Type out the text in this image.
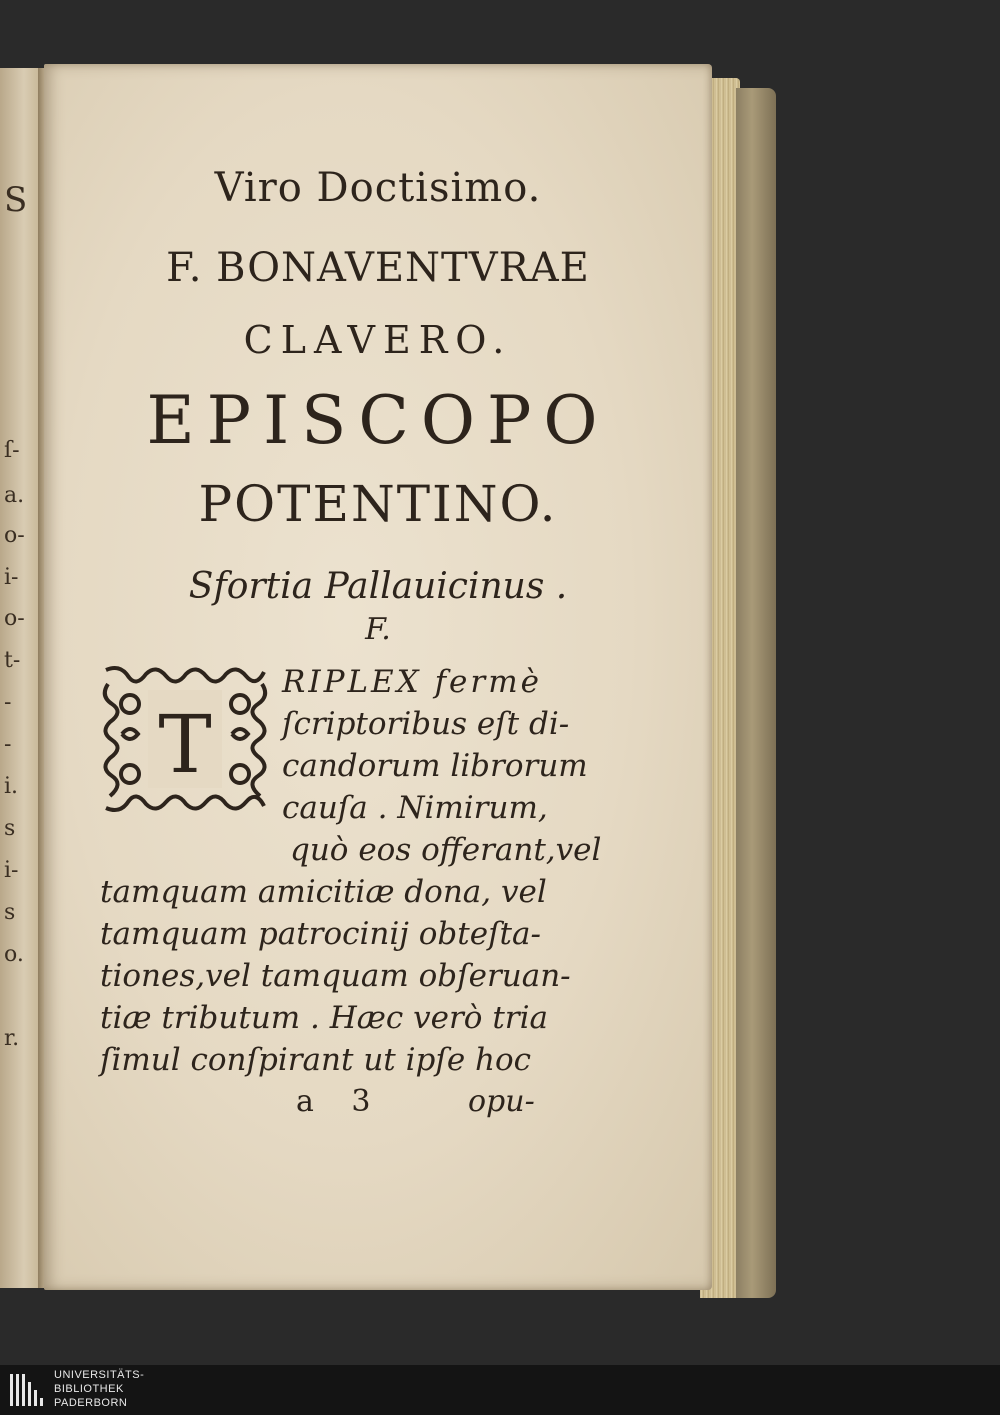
S
ſ-
a.
o-
i-
o-
t-
-
-
i.
s
i-
s
o.
r.
Viro Doctisimo.
F. BONAVENTVRAE
CLAVERO.
EPISCOPO
POTENTINO.
Sfortia Pallauicinus .
F.
T
RIPLEX fermè
ſcriptoribus eſt di-
candorum librorum
cauſa . Nimirum,
quò eos offerant,vel
tamquam amicitiæ dona, vel
tamquam patrocinij obteſta-
tiones,vel tamquam obſeruan-
tiæ tributum . Hæc verò tria
ſimul conſpirant ut ipſe hoc
a 3	opu-
UNIVERSITÄTS-
BIBLIOTHEK
PADERBORN
